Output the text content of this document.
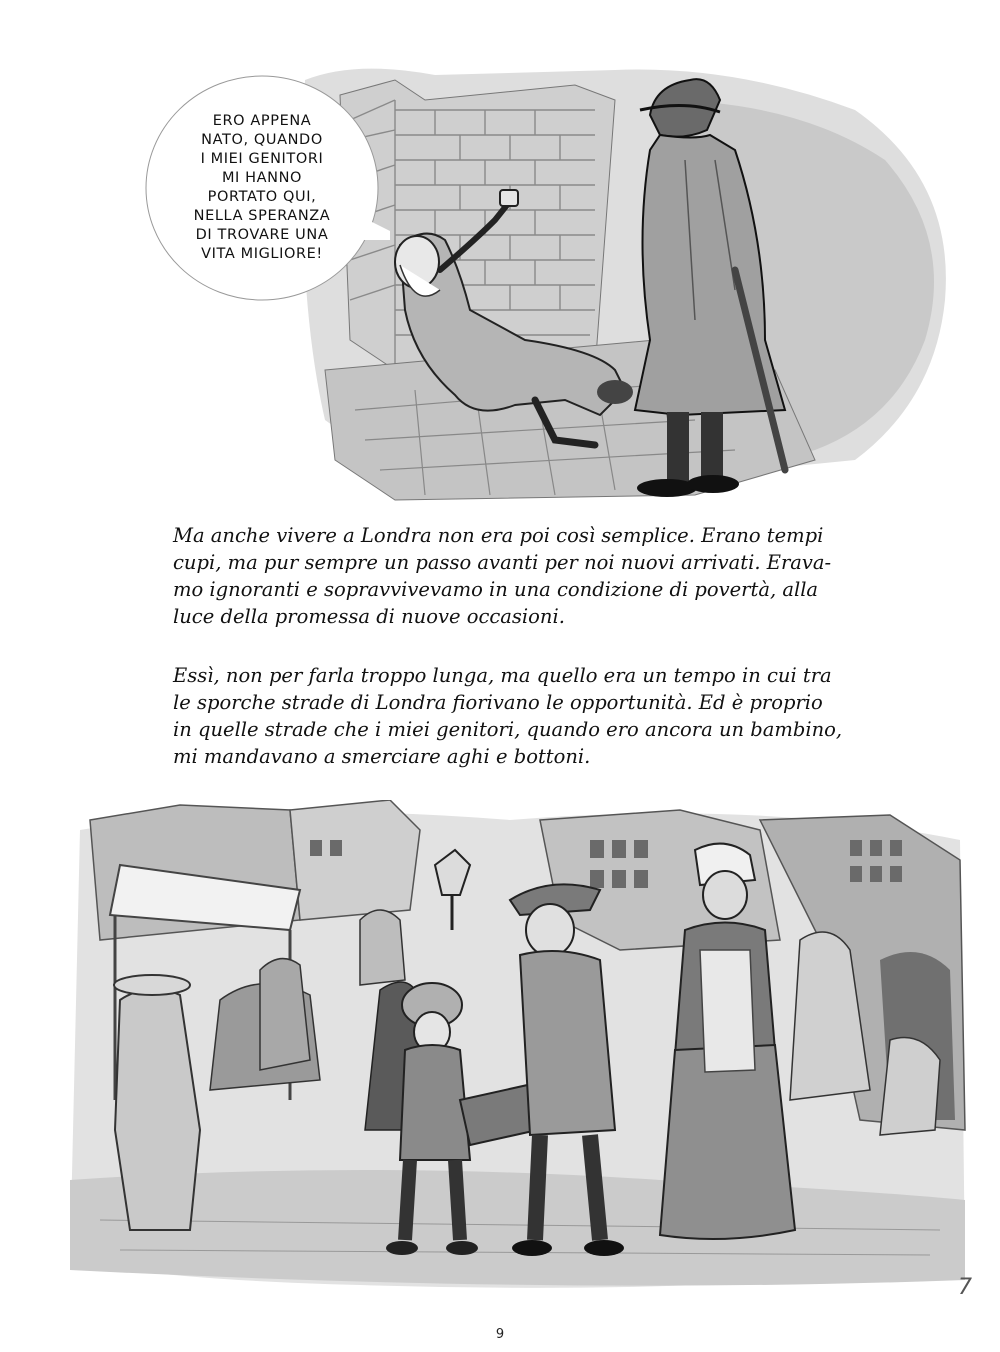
ERO APPENA
NATO, QUANDO
I MIEI GENITORI
MI HANNO
PORTATO QUI,
NELLA SPERANZA
DI TROVARE UNA
VITA MIGLIORE!

Ma anche vivere a Londra non era poi così semplice. Erano tempi
cupi, ma pur sempre un passo avanti per noi nuovi arrivati. Erava-
mo ignoranti e sopravvivevamo in una condizione di povertà, alla
luce della promessa di nuove occasioni.

Essì, non per farla troppo lunga, ma quello era un tempo in cui tra
le sporche strade di Londra fiorivano le opportunità. Ed è proprio
in quelle strade che i miei genitori, quando ero ancora un bambino,
mi mandavano a smerciare aghi e bottoni.

7
9
